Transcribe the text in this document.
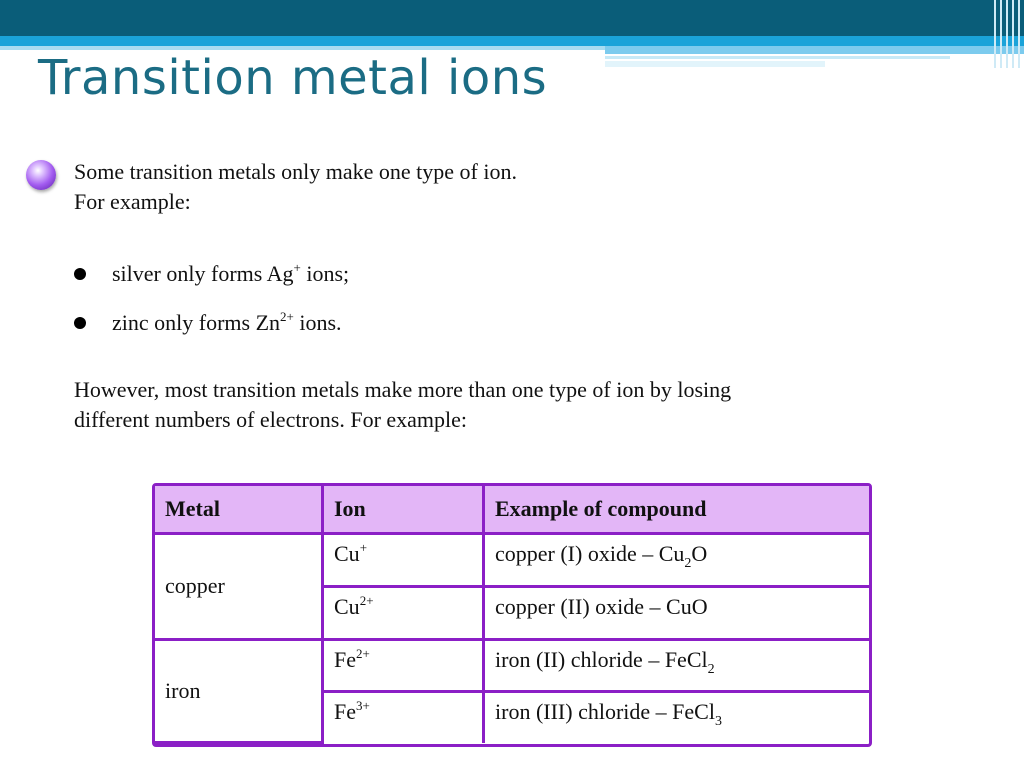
Transition metal ions
Some transition metals only make one type of ion.
For example:
silver only forms Ag+ ions;
zinc only forms $Zn^{2+}$ ions.
However, most transition metals make more than one type of ion by losing
different numbers of electrons. For example:
Metal	Ion	Example of compound
copper	Cu+	copper (I) oxide – $Cu_2O$
	$Cu^{2+}$	copper (II) oxide – CuO
iron	$Fe^{2+}$	iron (II) chloride – FeCl$_2$
	$Fe^{3+}$	iron (III) chloride – FeCl$_3$
